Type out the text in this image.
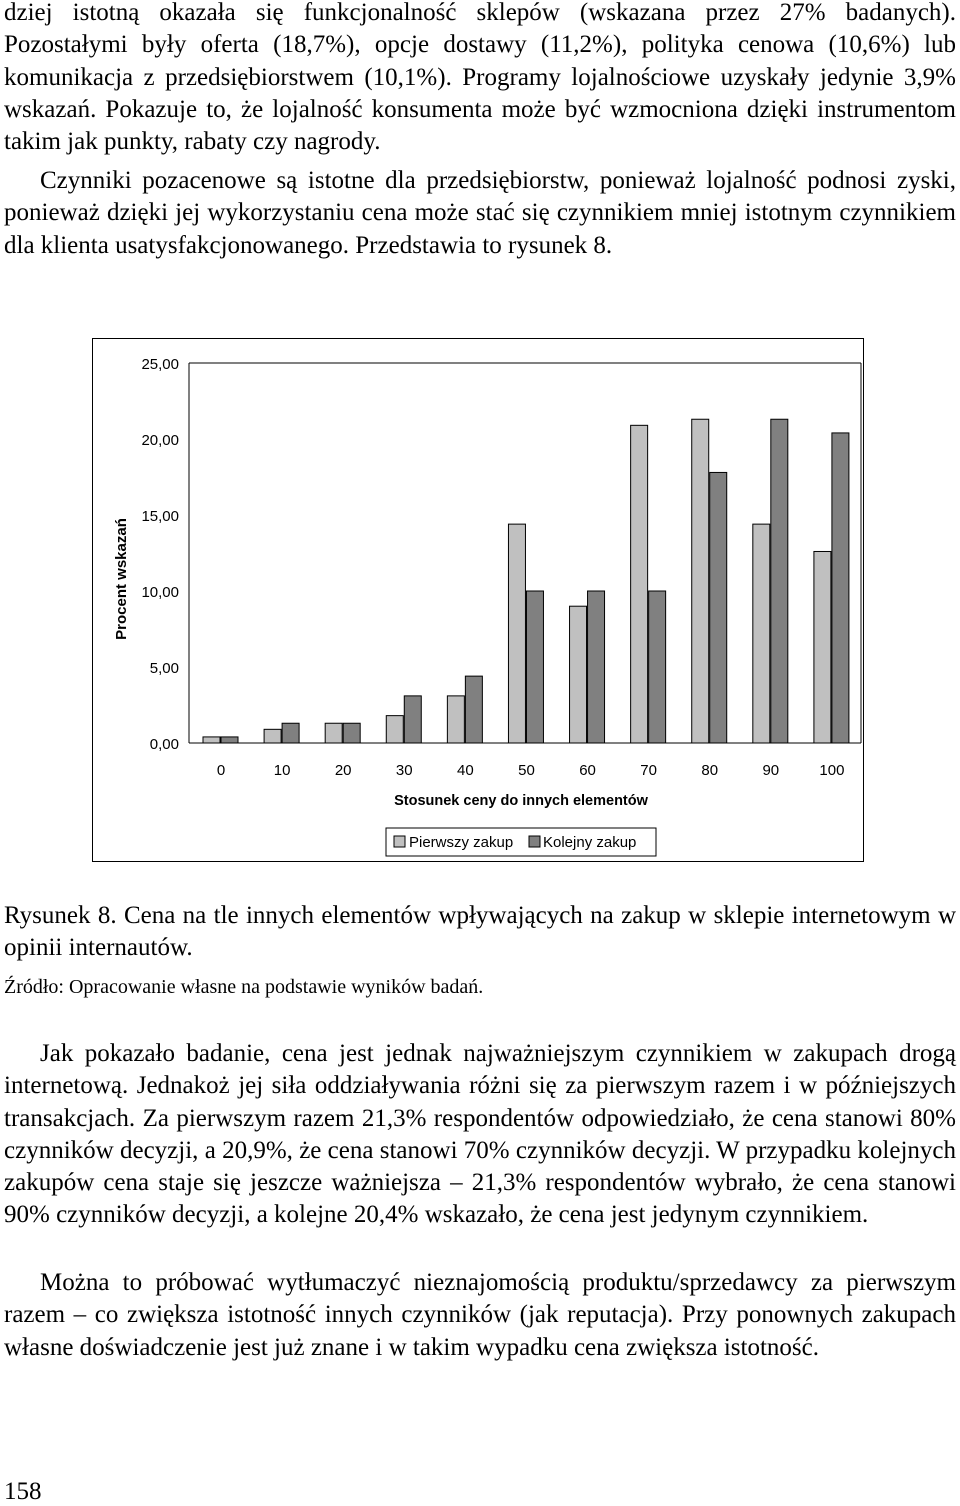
dziej istotną okazała się funkcjonalność sklepów (wskazana przez 27% badanych). Pozostałymi były oferta (18,7%), opcje dostawy (11,2%), polityka cenowa (10,6%) lub komunikacja z przedsiębiorstwem (10,1%). Programy lojalnościowe uzyskały jedynie 3,9% wskazań. Pokazuje to, że lojalność konsumenta może być wzmocniona dzięki instrumentom takim jak punkty, rabaty czy nagrody.

Czynniki pozacenowe są istotne dla przedsiębiorstw, ponieważ lojalność podnosi zyski, ponieważ dzięki jej wykorzystaniu cena może stać się czynnikiem mniej istotnym czynnikiem dla klienta usatysfakcjonowanego. Przedstawia to rysunek 8.

0,00
5,00
10,00
15,00
20,00
25,00
Procent wskazań
0	10	20	30	40	50	60	70	80	90	100
Stosunek ceny do innych elementów
Pierwszy zakup Kolejny zakup

Rysunek 8. Cena na tle innych elementów wpływających na zakup w sklepie internetowym w opinii internautów.

Źródło: Opracowanie własne na podstawie wyników badań.

Jak pokazało badanie, cena jest jednak najważniejszym czynnikiem w zakupach drogą internetową. Jednakoż jej siła oddziaływania różni się za pierwszym razem i w późniejszych transakcjach. Za pierwszym razem 21,3% respondentów odpowiedziało, że cena stanowi 80% czynników decyzji, a 20,9%, że cena stanowi 70% czynników decyzji. W przypadku kolejnych zakupów cena staje się jeszcze ważniejsza – 21,3% respondentów wybrało, że cena stanowi 90% czynników decyzji, a kolejne 20,4% wskazało, że cena jest jedynym czynnikiem.

Można to próbować wytłumaczyć nieznajomością produktu/sprzedawcy za pierwszym razem – co zwiększa istotność innych czynników (jak reputacja). Przy ponownych zakupach własne doświadczenie jest już znane i w takim wypadku cena zwiększa istotność.

158
